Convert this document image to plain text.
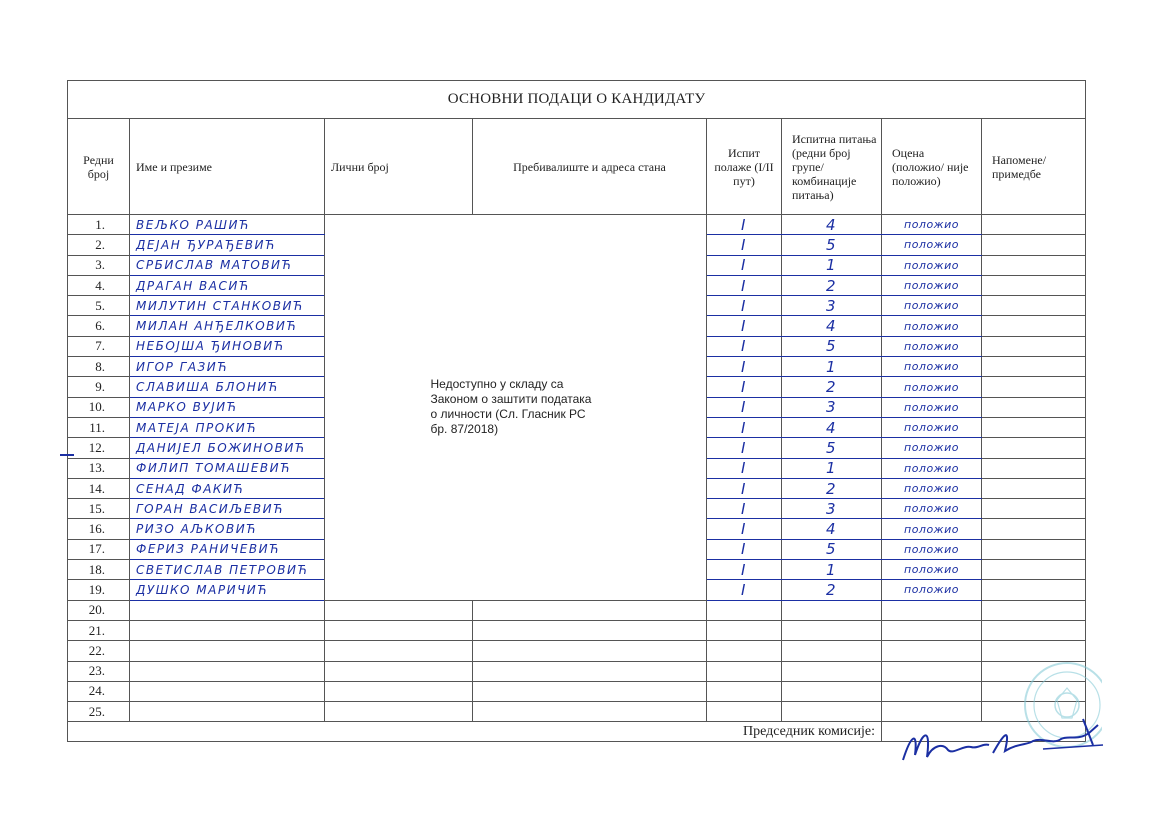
ОСНОВНИ ПОДАЦИ О КАНДИДАТУ							

Редни број	Име и презиме	Лични број	Пребивалиште и адреса стана	Испит полаже (I/II пут)	Испитна питања (редни број групе/ комбинације питања)	Оцена (положио/ није положио)	Напомене/ примедбе

1.	ВЕЉКО РАШИЋ	Недоступно у складу са Законом о заштити података о личности (Сл. Гласник РС бр. 87/2018)		I	4	положио	
2.	ДЕЈАН ЂУРАЂЕВИЋ			I	5	положио	
3.	СРБИСЛАВ МАТОВИЋ			I	1	положио	
4.	ДРАГАН ВАСИЋ			I	2	положио	
5.	МИЛУТИН СТАНКОВИЋ			I	3	положио	
6.	МИЛАН АНЂЕЛКОВИЋ			I	4	положио	
7.	НЕБОЈША ЂИНОВИЋ			I	5	положио	
8.	ИГОР ГАЗИЋ			I	1	положио	
9.	СЛАВИША БЛОНИЋ			I	2	положио	
10.	МАРКО ВУЈИЋ			I	3	положио	
11.	МАТЕЈА ПРОКИЋ			I	4	положио	
12.	ДАНИЈЕЛ БОЖИНОВИЋ			I	5	положио	
13.	ФИЛИП ТОМАШЕВИЋ			I	1	положио	
14.	СЕНАД ФАКИЋ			I	2	положио	
15.	ГОРАН ВАСИЉЕВИЋ			I	3	положио	
16.	РИЗО АЉКОВИЋ			I	4	положио	
17.	ФЕРИЗ РАНИЧЕВИЋ			I	5	положио	
18.	СВЕТИСЛАВ ПЕТРОВИЋ			I	1	положио	
19.	ДУШКО МАРИЧИЋ			I	2	положио	
20.							
21.							
22.							
23.							
24.							
25.							
Председник комисије:							
